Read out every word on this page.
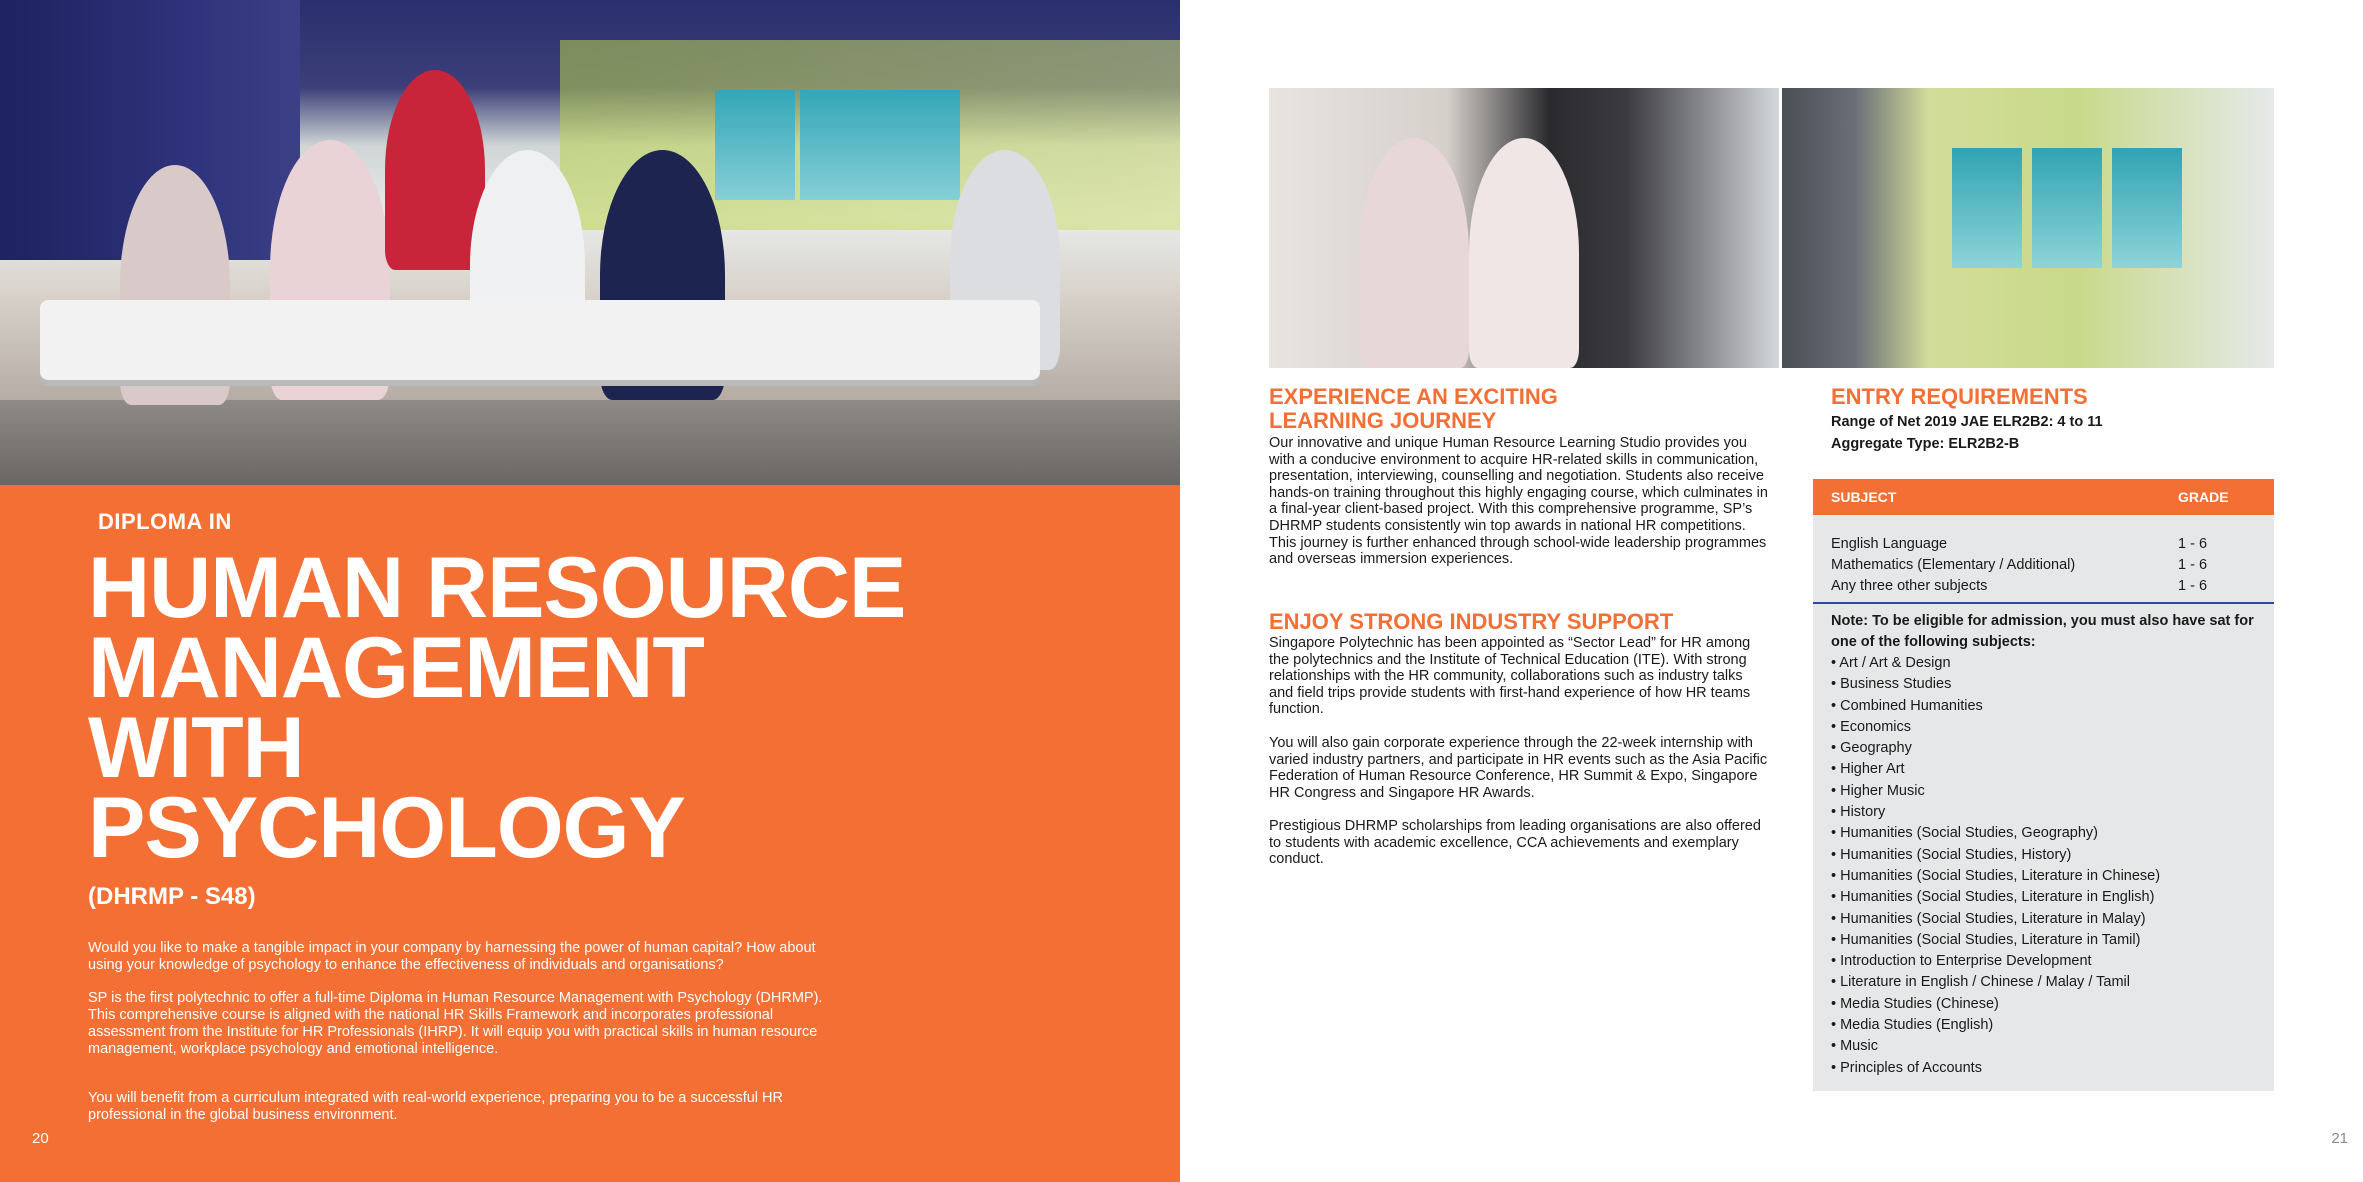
DIPLOMA IN
HUMAN RESOURCE
MANAGEMENT
WITH
PSYCHOLOGY
(DHRMP - S48)

Would you like to make a tangible impact in your company by harnessing the power of human capital? How about using your knowledge of psychology to enhance the effectiveness of individuals and organisations?

SP is the first polytechnic to offer a full-time Diploma in Human Resource Management with Psychology (DHRMP). This comprehensive course is aligned with the national HR Skills Framework and incorporates professional assessment from the Institute for HR Professionals (IHRP). It will equip you with practical skills in human resource management, workplace psychology and emotional intelligence.

You will benefit from a curriculum integrated with real-world experience, preparing you to be a successful HR professional in the global business environment.

20
EXPERIENCE AN EXCITING
LEARNING JOURNEY

Our innovative and unique Human Resource Learning Studio provides you with a conducive environment to acquire HR-related skills in communication, presentation, interviewing, counselling and negotiation. Students also receive hands-on training throughout this highly engaging course, which culminates in a final-year client-based project. With this comprehensive programme, SP’s DHRMP students consistently win top awards in national HR competitions. This journey is further enhanced through school-wide leadership programmes and overseas immersion experiences.

ENJOY STRONG INDUSTRY SUPPORT

Singapore Polytechnic has been appointed as “Sector Lead” for HR among the polytechnics and the Institute of Technical Education (ITE). With strong relationships with the HR community, collaborations such as industry talks and field trips provide students with first-hand experience of how HR teams function.

You will also gain corporate experience through the 22-week internship with varied industry partners, and participate in HR events such as the Asia Pacific Federation of Human Resource Conference, HR Summit & Expo, Singapore HR Congress and Singapore HR Awards.

Prestigious DHRMP scholarships from leading organisations are also offered to students with academic excellence, CCA achievements and exemplary conduct.

ENTRY REQUIREMENTS
Range of Net 2019 JAE ELR2B2: 4 to 11
Aggregate Type: ELR2B2-B
SUBJECT	GRADE
English Language	1 - 6
Mathematics (Elementary / Additional)	1 - 6
Any three other subjects	1 - 6
Note: To be eligible for admission, you must also have sat for one of the following subjects:
• Art / Art & Design
• Business Studies
• Combined Humanities
• Economics
• Geography
• Higher Art
• Higher Music
• History
• Humanities (Social Studies, Geography)
• Humanities (Social Studies, History)
• Humanities (Social Studies, Literature in Chinese)
• Humanities (Social Studies, Literature in English)
• Humanities (Social Studies, Literature in Malay)
• Humanities (Social Studies, Literature in Tamil)
• Introduction to Enterprise Development
• Literature in English / Chinese / Malay / Tamil
• Media Studies (Chinese)
• Media Studies (English)
• Music
• Principles of Accounts
21
